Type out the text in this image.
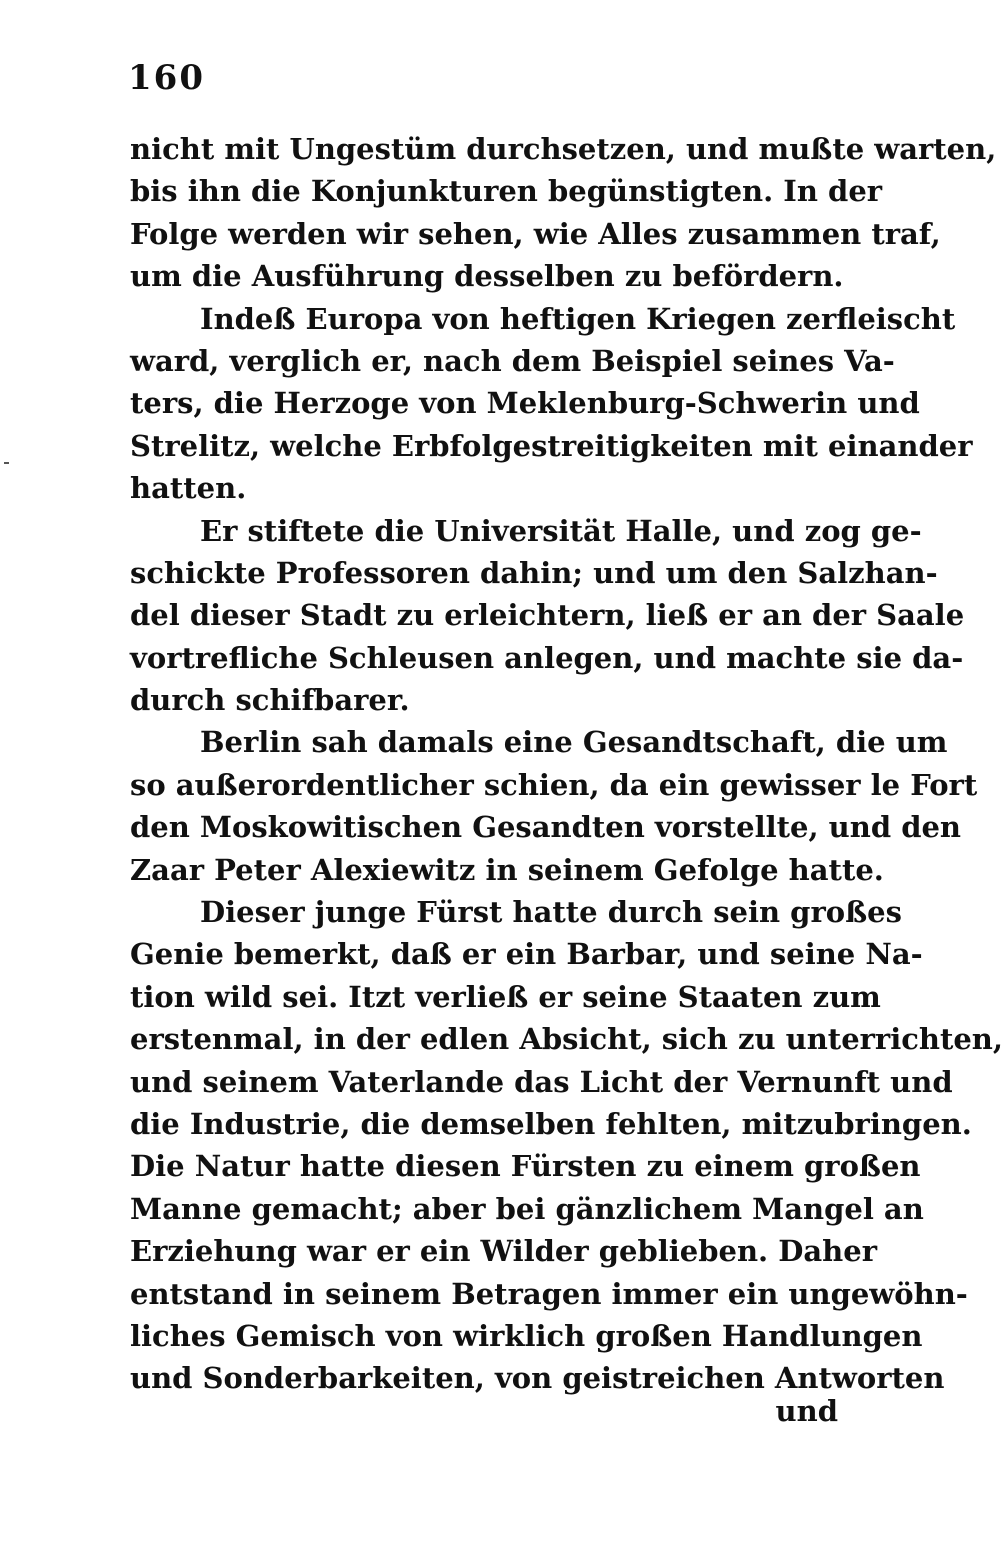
160
nicht mit Ungestüm durchsetzen, und mußte warten,
bis ihn die Konjunkturen begünstigten. In der
Folge werden wir sehen, wie Alles zusammen traf,
um die Ausführung desselben zu befördern.
Indeß Europa von heftigen Kriegen zerfleischt
ward, verglich er, nach dem Beispiel seines Va-
ters, die Herzoge von Meklenburg-Schwerin und
Strelitz, welche Erbfolgestreitigkeiten mit einander
hatten.
Er stiftete die Universität Halle, und zog ge-
schickte Professoren dahin; und um den Salzhan-
del dieser Stadt zu erleichtern, ließ er an der Saale
vortrefliche Schleusen anlegen, und machte sie da-
durch schifbarer.
Berlin sah damals eine Gesandtschaft, die um
so außerordentlicher schien, da ein gewisser le Fort
den Moskowitischen Gesandten vorstellte, und den
Zaar Peter Alexiewitz in seinem Gefolge hatte.
Dieser junge Fürst hatte durch sein großes
Genie bemerkt, daß er ein Barbar, und seine Na-
tion wild sei. Itzt verließ er seine Staaten zum
erstenmal, in der edlen Absicht, sich zu unterrichten,
und seinem Vaterlande das Licht der Vernunft und
die Industrie, die demselben fehlten, mitzubringen.
Die Natur hatte diesen Fürsten zu einem großen
Manne gemacht; aber bei gänzlichem Mangel an
Erziehung war er ein Wilder geblieben. Daher
entstand in seinem Betragen immer ein ungewöhn-
liches Gemisch von wirklich großen Handlungen
und Sonderbarkeiten, von geistreichen Antworten
und
